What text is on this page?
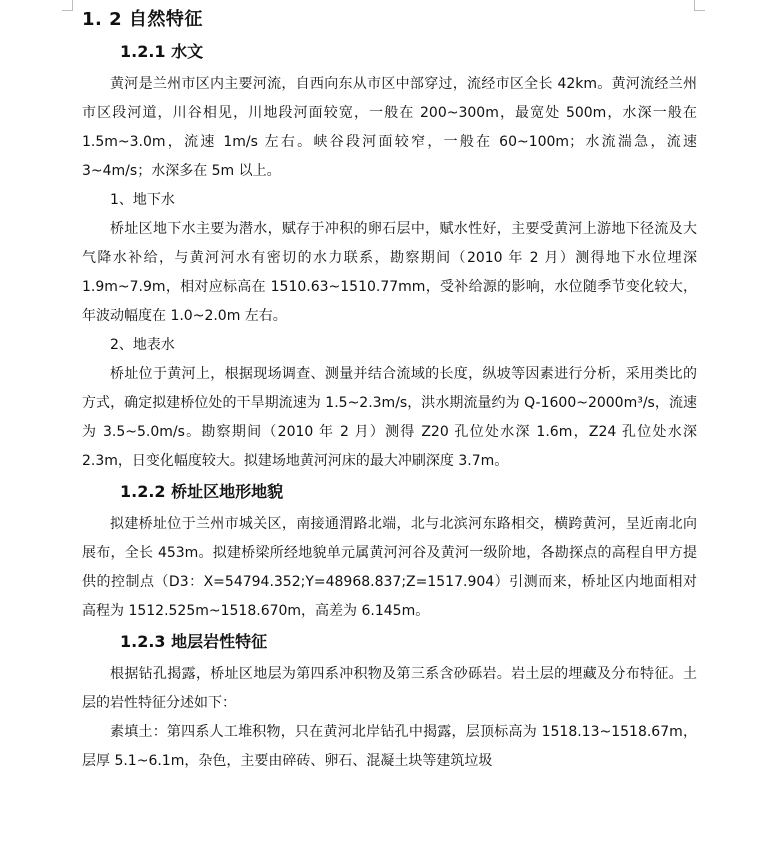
1. 2 自然特征
1.2.1 水文

黄河是兰州市区内主要河流，自西向东从市区中部穿过，流经市区全长 42km。黄河流经兰州市区段河道，川谷相见，川地段河面较宽，一般在 200~300m，最宽处 500m，水深一般在 1.5m~3.0m，流速 1m/s 左右。峡谷段河面较窄，一般在 60~100m；水流湍急，流速 3~4m/s；水深多在 5m 以上。

1、地下水

桥址区地下水主要为潜水，赋存于冲积的卵石层中，赋水性好，主要受黄河上游地下径流及大气降水补给，与黄河河水有密切的水力联系，勘察期间（2010 年 2 月）测得地下水位埋深 1.9m~7.9m，相对应标高在 1510.63~1510.77mm，受补给源的影响，水位随季节变化较大，年波动幅度在 1.0~2.0m 左右。

2、地表水

桥址位于黄河上，根据现场调查、测量并结合流域的长度，纵坡等因素进行分析，采用类比的方式，确定拟建桥位处的干旱期流速为 1.5~2.3m/s，洪水期流量约为 Q-1600~2000m³/s，流速为 3.5~5.0m/s。勘察期间（2010 年 2 月）测得 Z20 孔位处水深 1.6m，Z24 孔位处水深 2.3m，日变化幅度较大。拟建场地黄河河床的最大冲刷深度 3.7m。

1.2.2 桥址区地形地貌

拟建桥址位于兰州市城关区，南接通渭路北端，北与北滨河东路相交，横跨黄河，呈近南北向展布，全长 453m。拟建桥梁所经地貌单元属黄河河谷及黄河一级阶地，各勘探点的高程自甲方提供的控制点（D3：X=54794.352;Y=48968.837;Z=1517.904）引测而来，桥址区内地面相对高程为 1512.525m~1518.670m，高差为 6.145m。

1.2.3 地层岩性特征

根据钻孔揭露，桥址区地层为第四系冲积物及第三系含砂砾岩。岩土层的埋藏及分布特征。土层的岩性特征分述如下：

素填土：第四系人工堆积物，只在黄河北岸钻孔中揭露，层顶标高为 1518.13~1518.67m，层厚 5.1~6.1m，杂色，主要由碎砖、卵石、混凝土块等建筑垃圾
